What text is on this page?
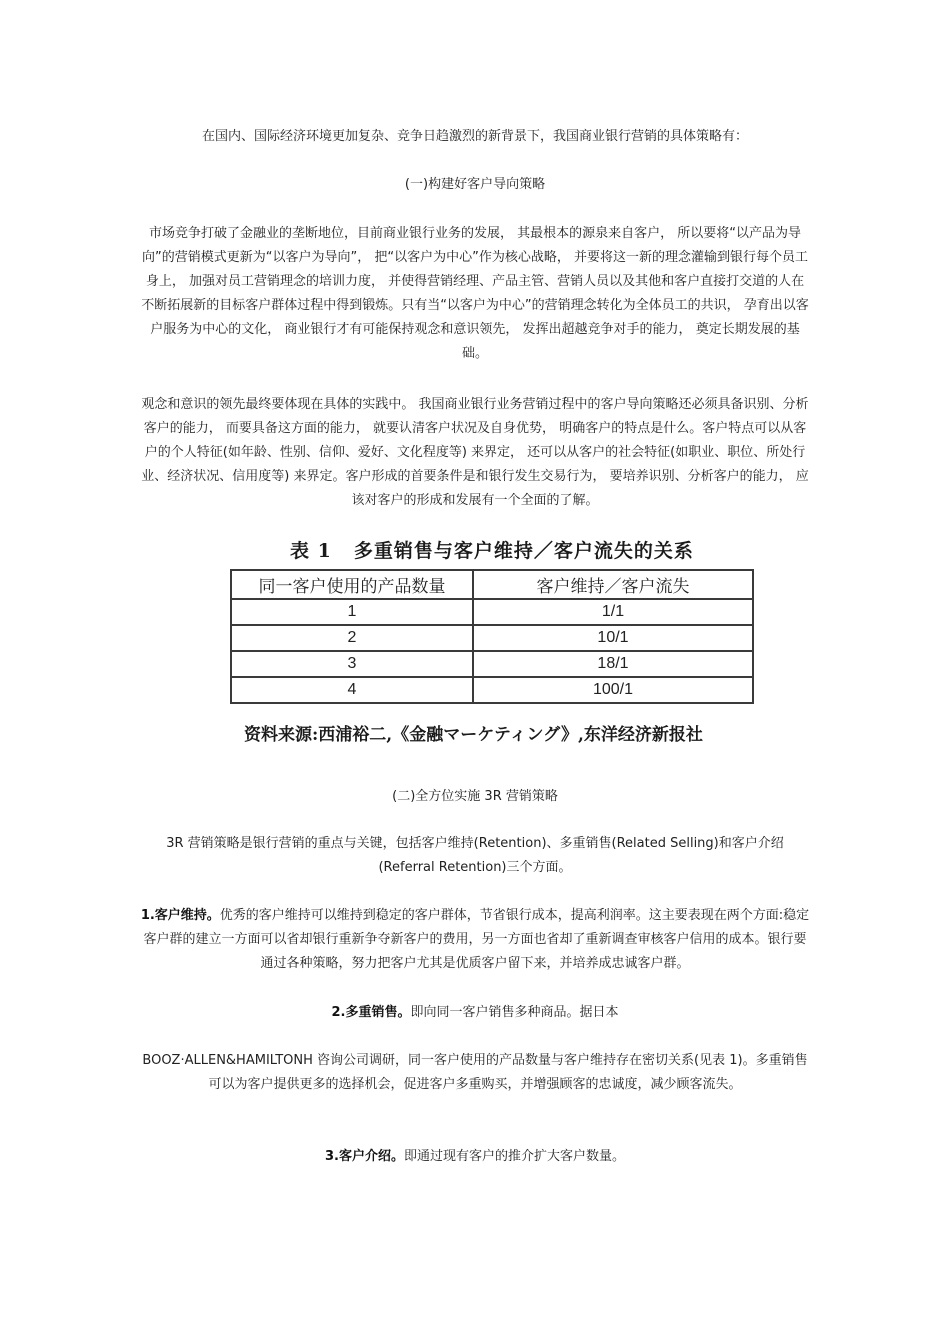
在国内、国际经济环境更加复杂、竞争日趋激烈的新背景下，我国商业银行营销的具体策略有：

(一)构建好客户导向策略

市场竞争打破了金融业的垄断地位，目前商业银行业务的发展， 其最根本的源泉来自客户， 所以要将“以产品为导向”的营销模式更新为“以客户为导向”， 把“以客户为中心”作为核心战略， 并要将这一新的理念灌输到银行每个员工身上， 加强对员工营销理念的培训力度， 并使得营销经理、产品主管、营销人员以及其他和客户直接打交道的人在不断拓展新的目标客户群体过程中得到锻炼。只有当“以客户为中心”的营销理念转化为全体员工的共识， 孕育出以客户服务为中心的文化， 商业银行才有可能保持观念和意识领先， 发挥出超越竞争对手的能力， 奠定长期发展的基础。

观念和意识的领先最终要体现在具体的实践中。 我国商业银行业务营销过程中的客户导向策略还必须具备识别、分析客户的能力， 而要具备这方面的能力， 就要认清客户状况及自身优势， 明确客户的特点是什么。客户特点可以从客户的个人特征(如年龄、性别、信仰、爱好、文化程度等) 来界定， 还可以从客户的社会特征(如职业、职位、所处行业、经济状况、信用度等) 来界定。客户形成的首要条件是和银行发生交易行为， 要培养识别、分析客户的能力， 应该对客户的形成和发展有一个全面的了解。

表 1 多重销售与客户维持／客户流失的关系
同一客户使用的产品数量	客户维持／客户流失
1	1/1
2	10/1
3	18/1
4	100/1
资料来源:西浦裕二,《金融マーケティング》,东洋经济新报社

(二)全方位实施 3R 营销策略

3R 营销策略是银行营销的重点与关键，包括客户维持(Retention)、多重销售(Related Selling)和客户介绍(Referral Retention)三个方面。

1.客户维持。优秀的客户维持可以维持到稳定的客户群体，节省银行成本，提高利润率。这主要表现在两个方面:稳定客户群的建立一方面可以省却银行重新争夺新客户的费用，另一方面也省却了重新调查审核客户信用的成本。银行要通过各种策略，努力把客户尤其是优质客户留下来，并培养成忠诚客户群。

2.多重销售。即向同一客户销售多种商品。据日本

BOOZ·ALLEN&HAMILTONH 咨询公司调研，同一客户使用的产品数量与客户维持存在密切关系(见表 1)。多重销售可以为客户提供更多的选择机会，促进客户多重购买，并增强顾客的忠诚度，减少顾客流失。

3.客户介绍。即通过现有客户的推介扩大客户数量。
